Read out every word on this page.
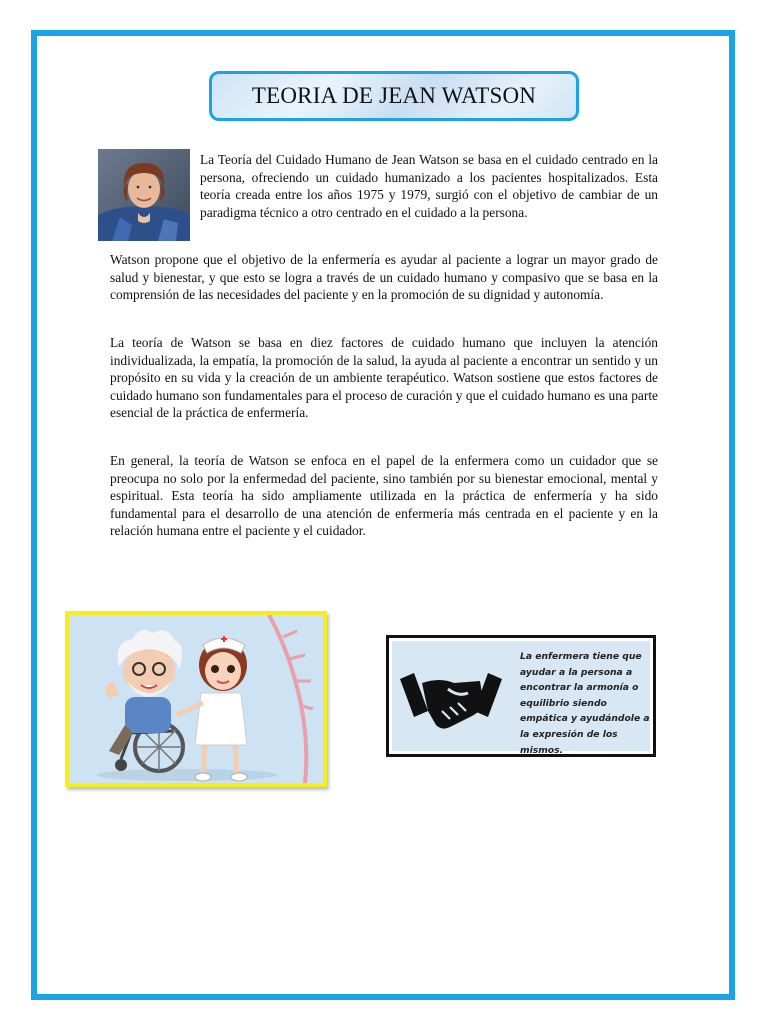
TEORIA DE JEAN WATSON

La Teoría del Cuidado Humano de Jean Watson se basa en el cuidado centrado en la persona, ofreciendo un cuidado humanizado a los pacientes hospitalizados. Esta teoría creada entre los años 1975 y 1979, surgió con el objetivo de cambiar de un paradigma técnico a otro centrado en el cuidado a la persona.

Watson propone que el objetivo de la enfermería es ayudar al paciente a lograr un mayor grado de salud y bienestar, y que esto se logra a través de un cuidado humano y compasivo que se basa en la comprensión de las necesidades del paciente y en la promoción de su dignidad y autonomía.

La teoría de Watson se basa en diez factores de cuidado humano que incluyen la atención individualizada, la empatía, la promoción de la salud, la ayuda al paciente a encontrar un sentido y un propósito en su vida y la creación de un ambiente terapéutico. Watson sostiene que estos factores de cuidado humano son fundamentales para el proceso de curación y que el cuidado humano es una parte esencial de la práctica de enfermería.

En general, la teoría de Watson se enfoca en el papel de la enfermera como un cuidador que se preocupa no solo por la enfermedad del paciente, sino también por su bienestar emocional, mental y espiritual. Esta teoría ha sido ampliamente utilizada en la práctica de enfermería y ha sido fundamental para el desarrollo de una atención de enfermería más centrada en el paciente y en la relación humana entre el paciente y el cuidador.

La enfermera tiene que ayudar a la persona a encontrar la armonía o equilibrio siendo empática y ayudándole a la expresión de los mismos.
